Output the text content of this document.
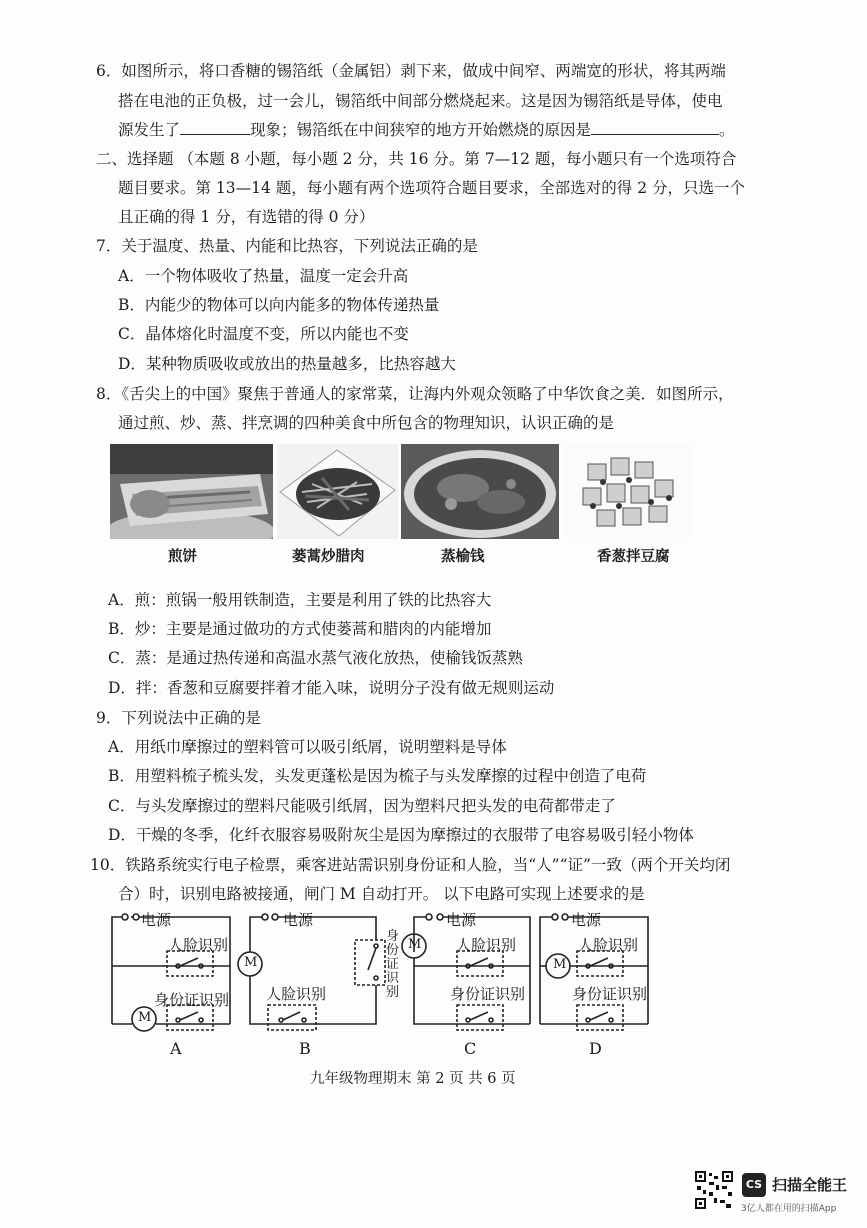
6．如图所示，将口香糖的锡箔纸（金属铝）剥下来，做成中间窄、两端宽的形状，将其两端
搭在电池的正负极，过一会儿，锡箔纸中间部分燃烧起来。这是因为锡箔纸是导体，使电
源发生了	现象；锡箔纸在中间狭窄的地方开始燃烧的原因是	。
二、选择题 （本题 8 小题，每小题 2 分，共 16 分。第 7—12 题，每小题只有一个选项符合
题目要求。第 13—14 题，每小题有两个选项符合题目要求，全部选对的得 2 分，只选一个
且正确的得 1 分，有选错的得 0 分）
7．关于温度、热量、内能和比热容，下列说法正确的是
A．一个物体吸收了热量，温度一定会升高
B．内能少的物体可以向内能多的物体传递热量
C．晶体熔化时温度不变，所以内能也不变
D．某种物质吸收或放出的热量越多，比热容越大
8．《舌尖上的中国》聚焦于普通人的家常菜，让海内外观众领略了中华饮食之美．如图所示，
通过煎、炒、蒸、拌烹调的四种美食中所包含的物理知识，认识正确的是
煎饼	蒌蒿炒腊肉	蒸榆钱	香葱拌豆腐
A．煎：煎锅一般用铁制造，主要是利用了铁的比热容大
B．炒：主要是通过做功的方式使蒌蒿和腊肉的内能增加
C．蒸：是通过热传递和高温水蒸气液化放热，使榆钱饭蒸熟
D．拌：香葱和豆腐要拌着才能入味，说明分子没有做无规则运动
9．下列说法中正确的是
A．用纸巾摩擦过的塑料管可以吸引纸屑，说明塑料是导体
B．用塑料梳子梳头发，头发更蓬松是因为梳子与头发摩擦的过程中创造了电荷
C．与头发摩擦过的塑料尺能吸引纸屑，因为塑料尺把头发的电荷都带走了
D．干燥的冬季，化纤衣服容易吸附灰尘是因为摩擦过的衣服带了电容易吸引轻小物体
10．铁路系统实行电子检票，乘客进站需识别身份证和人脸，当“人”“证”一致（两个开关均闭
合）时，识别电路被接通，闸门 M 自动打开。 以下电路可实现上述要求的是
电源
人脸识别
身份证识别
M
电源
M
人脸识别
身
份
证
识
别
电源
M 人脸识别
身份证识别
电源
M
人脸识别
身份证识别
A	B	C	D
九年级物理期末 第 2 页 共 6 页
CS 扫描全能王
3亿人都在用的扫描App
